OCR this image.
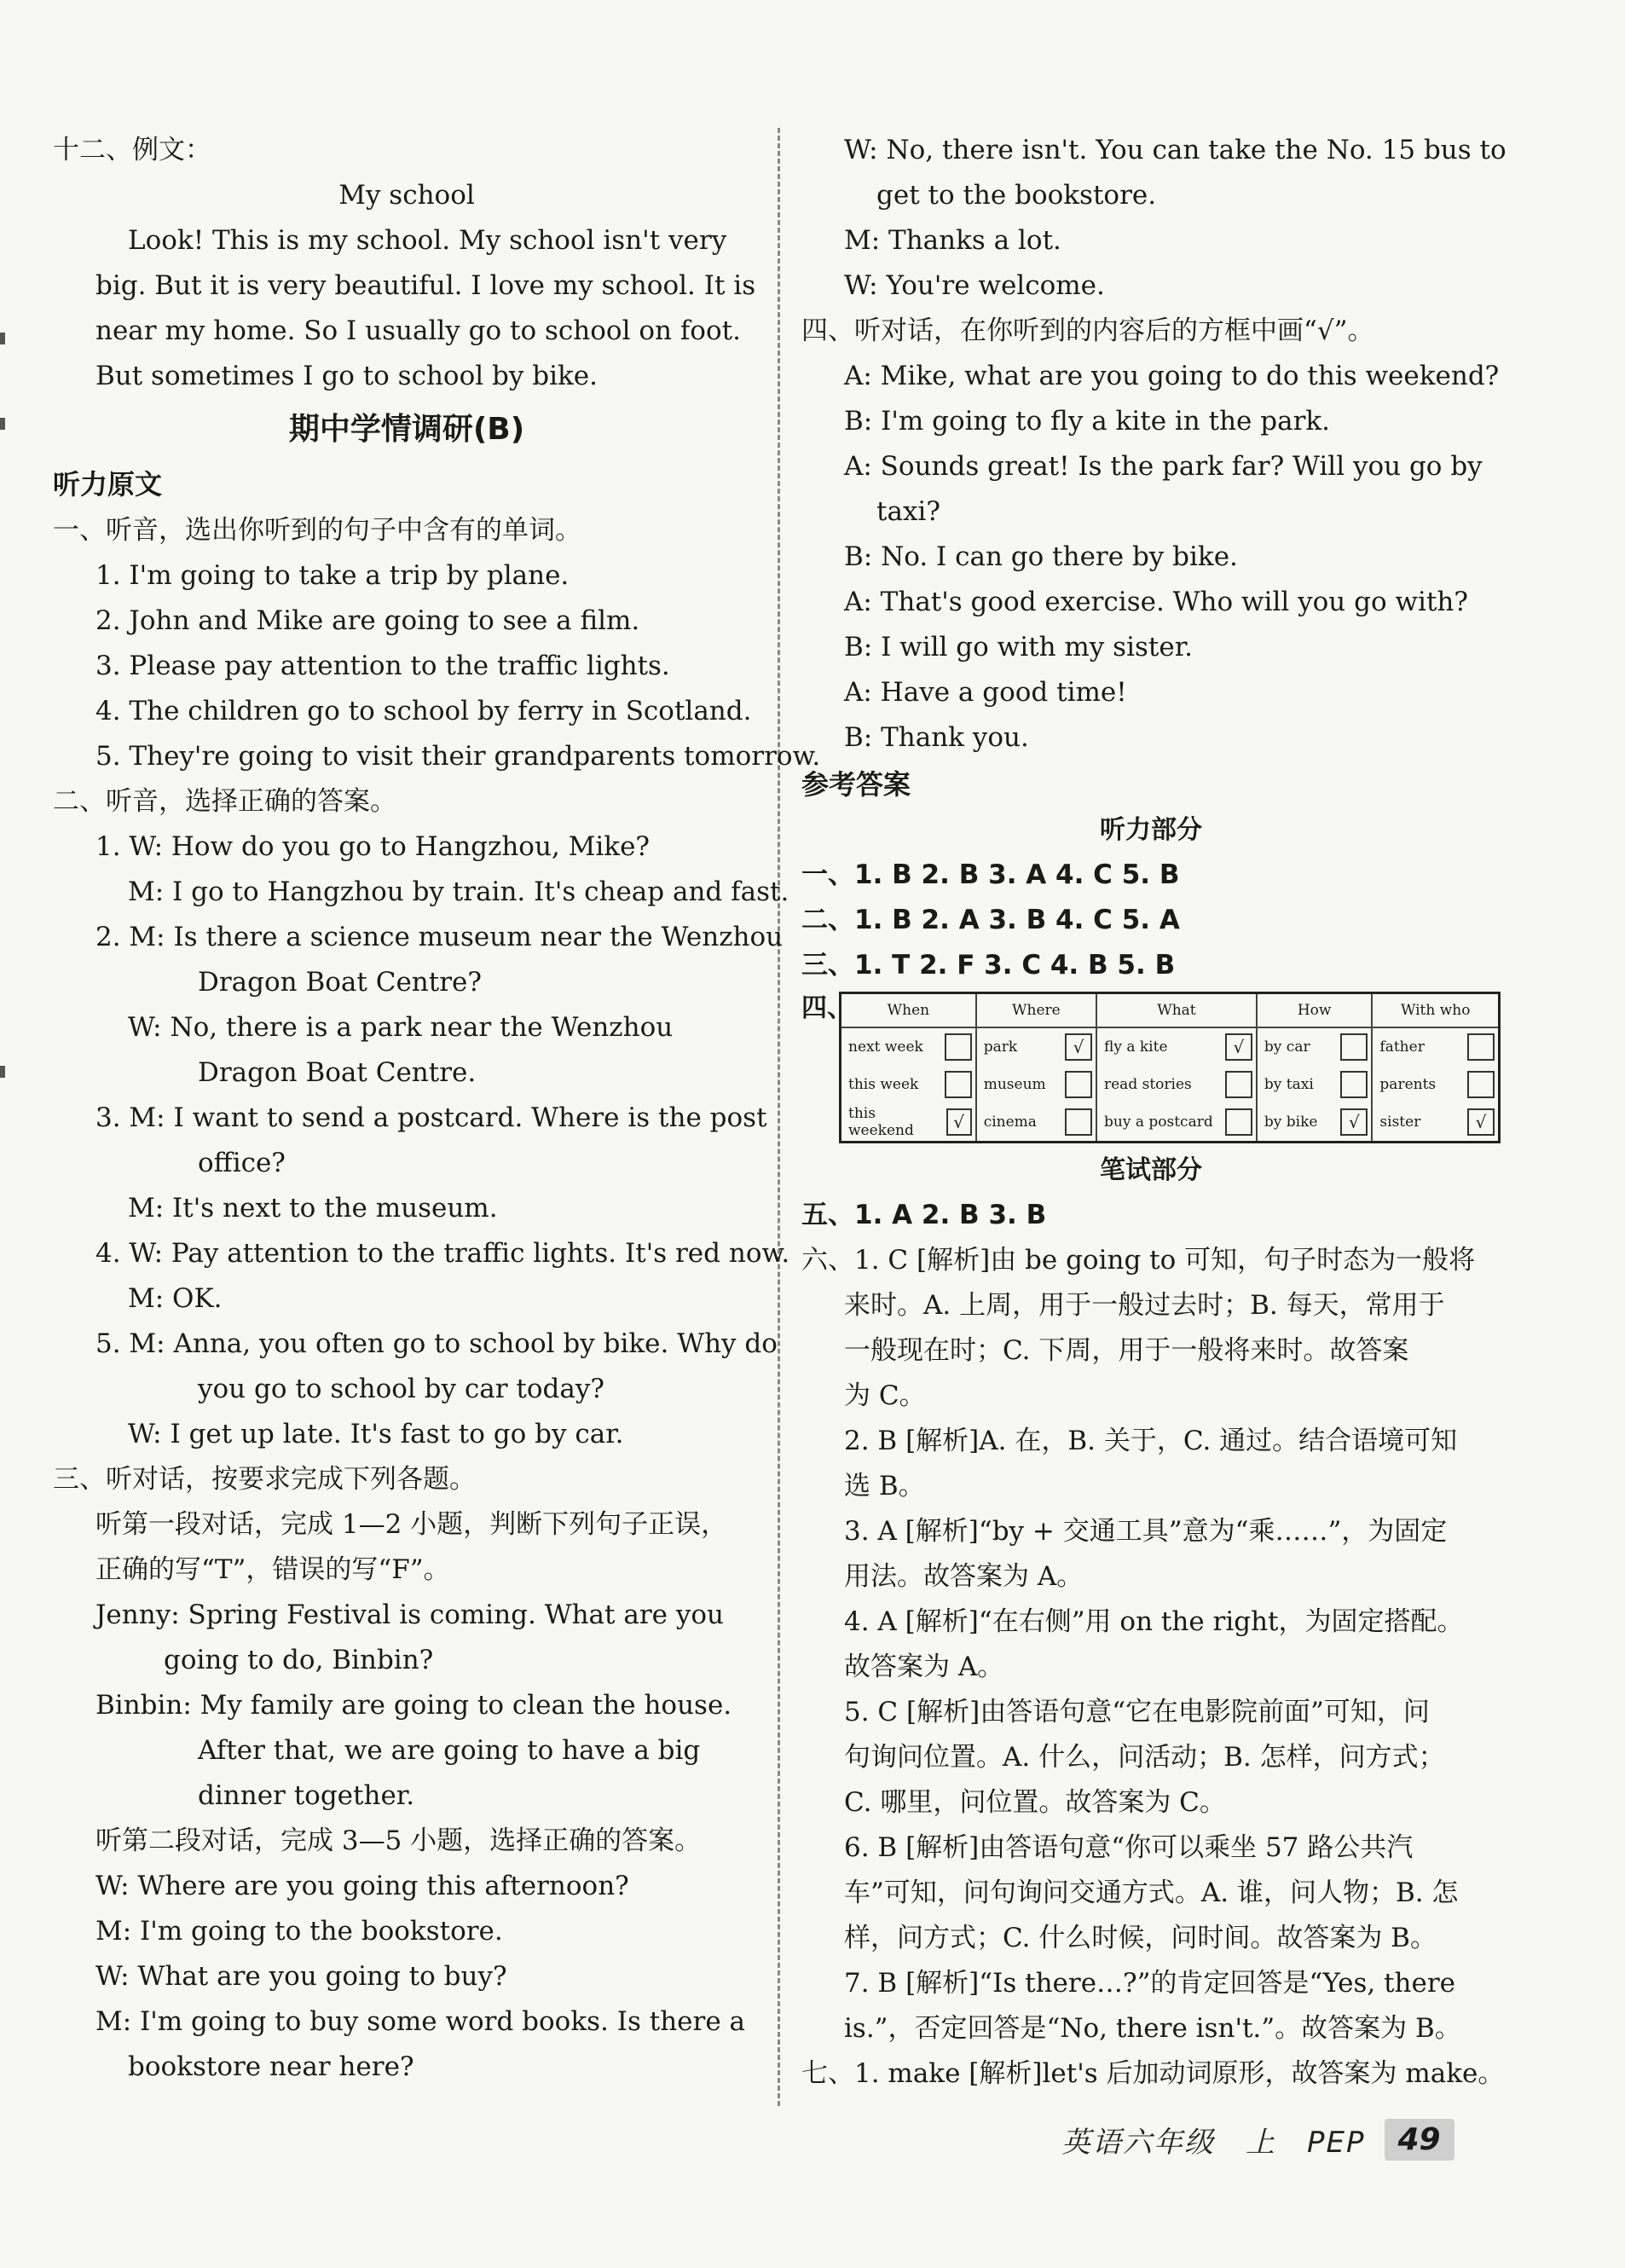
十二、例文：
My school
Look! This is my school. My school isn't very
big. But it is very beautiful. I love my school. It is
near my home. So I usually go to school on foot.
But sometimes I go to school by bike.
期中学情调研(B)
听力原文
一、听音，选出你听到的句子中含有的单词。
1. I'm going to take a trip by plane.
2. John and Mike are going to see a film.
3. Please pay attention to the traffic lights.
4. The children go to school by ferry in Scotland.
5. They're going to visit their grandparents tomorrow.
二、听音，选择正确的答案。
1. W: How do you go to Hangzhou, Mike?
M: I go to Hangzhou by train. It's cheap and fast.
2. M: Is there a science museum near the Wenzhou
Dragon Boat Centre?
W: No, there is a park near the Wenzhou
Dragon Boat Centre.
3. M: I want to send a postcard. Where is the post
office?
M: It's next to the museum.
4. W: Pay attention to the traffic lights. It's red now.
M: OK.
5. M: Anna, you often go to school by bike. Why do
you go to school by car today?
W: I get up late. It's fast to go by car.
三、听对话，按要求完成下列各题。
听第一段对话，完成 1—2 小题，判断下列句子正误，
正确的写“T”，错误的写“F”。
Jenny: Spring Festival is coming. What are you
going to do, Binbin?
Binbin: My family are going to clean the house.
After that, we are going to have a big
dinner together.
听第二段对话，完成 3—5 小题，选择正确的答案。
W: Where are you going this afternoon?
M: I'm going to the bookstore.
W: What are you going to buy?
M: I'm going to buy some word books. Is there a
bookstore near here?
W: No, there isn't. You can take the No. 15 bus to
get to the bookstore.
M: Thanks a lot.
W: You're welcome.
四、听对话，在你听到的内容后的方框中画“√”。
A: Mike, what are you going to do this weekend?
B: I'm going to fly a kite in the park.
A: Sounds great! Is the park far? Will you go by
taxi?
B: No. I can go there by bike.
A: That's good exercise. Who will you go with?
B: I will go with my sister.
A: Have a good time!
B: Thank you.
参考答案
听力部分
一、1. B 2. B 3. A 4. C 5. B
二、1. B 2. A 3. B 4. C 5. A
三、1. T 2. F 3. C 4. B 5. B
四、 When	Where	What	How	With who

next week	park √	fly a kite √	by car	father

this week	museum	read stories	by taxi	parents

this weekend √	cinema	buy a postcard	by bike √	sister √
笔试部分
五、1. A 2. B 3. B
六、1. C [解析]由 be going to 可知，句子时态为一般将
来时。A. 上周，用于一般过去时；B. 每天，常用于
一般现在时；C. 下周，用于一般将来时。故答案
为 C。
2. B [解析]A. 在，B. 关于，C. 通过。结合语境可知
选 B。
3. A [解析]“by + 交通工具”意为“乘……”，为固定
用法。故答案为 A。
4. A [解析]“在右侧”用 on the right，为固定搭配。
故答案为 A。
5. C [解析]由答语句意“它在电影院前面”可知，问
句询问位置。A. 什么，问活动；B. 怎样，问方式；
C. 哪里，问位置。故答案为 C。
6. B [解析]由答语句意“你可以乘坐 57 路公共汽
车”可知，问句询问交通方式。A. 谁，问人物；B. 怎
样，问方式；C. 什么时候，问时间。故答案为 B。
7. B [解析]“Is there…?”的肯定回答是“Yes, there
is.”，否定回答是“No, there isn't.”。故答案为 B。
七、1. make [解析]let's 后加动词原形，故答案为 make。
英语六年级　上　PEP	49
